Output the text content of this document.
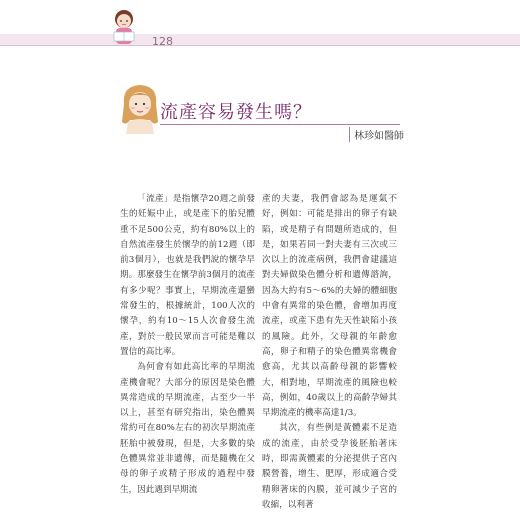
128
流產容易發生嗎？
林珍如醫師

「流產」是指懷孕20週之前發生的妊娠中止，或是產下的胎兒體重不足500公克，約有80%以上的自然流產發生於懷孕的前12週（即前3個月），也就是我們說的懷孕早期。那麼發生在懷孕前3個月的流產有多少呢？事實上，早期流產還蠻常發生的，根據統計，100人次的懷孕，約有10～15人次會發生流產，對於一般民眾而言可能是難以置信的高比率。

為何會有如此高比率的早期流產機會呢？大部分的原因是染色體異常造成的早期流產，占至少一半以上，甚至有研究指出，染色體異常約可在80%左右的初次早期流產胚胎中被發現，但是，大多數的染色體異常並非遺傳，而是隨機在父母的卵子或精子形成的過程中發生，因此遇到早期流

產的夫妻，我們會認為是運氣不好，例如：可能是排出的卵子有缺陷，或是精子有問題所造成的，但是，如果若同一對夫妻有三次或三次以上的流產病例，我們會建議這對夫婦做染色體分析和遺傳諮詢，因為大約有5～6%的夫婦的體細胞中會有異常的染色體，會增加再度流產，或產下患有先天性缺陷小孩的風險。此外，父母親的年齡愈高，卵子和精子的染色體異常機會愈高，尤其以高齡母親的影響較大，相對地，早期流產的風險也較高，例如，40歲以上的高齡孕婦其早期流產的機率高達1/3。

其次，有些例是黃體素不足造成的流產，由於受孕後胚胎著床時，即需黃體素的分泌提供子宮內膜營養，增生、肥厚，形成適合受精卵著床的內膜，並可減少子宮的收縮，以利著
